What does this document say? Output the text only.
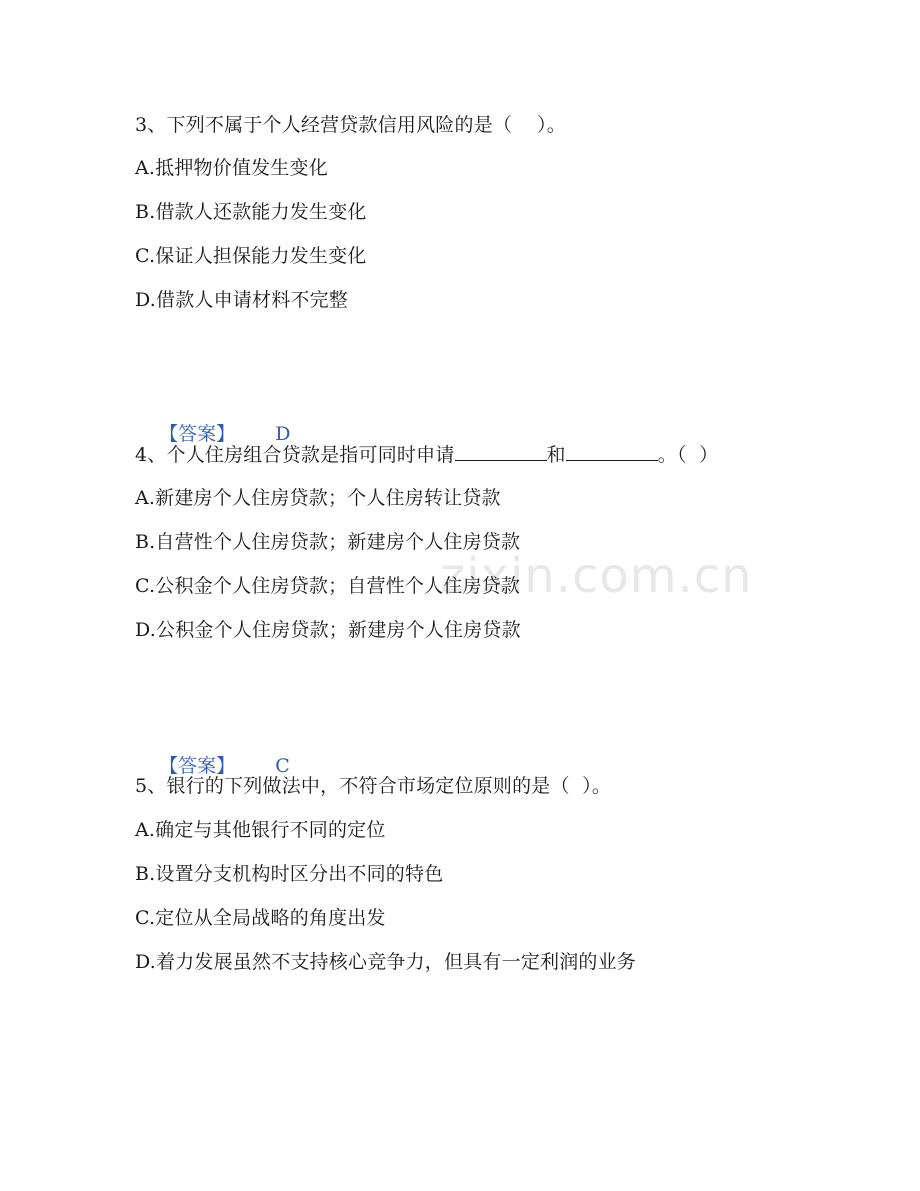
zixin.com.cn
3、下列不属于个人经营贷款信用风险的是（    ）。
A.抵押物价值发生变化
B.借款人还款能力发生变化
C.保证人担保能力发生变化
D.借款人申请材料不完整

【答案】 D

4、个人住房组合贷款是指可同时申请	和	。（  ）
A.新建房个人住房贷款；个人住房转让贷款
B.自营性个人住房贷款；新建房个人住房贷款
C.公积金个人住房贷款；自营性个人住房贷款
D.公积金个人住房贷款；新建房个人住房贷款

【答案】 C

5、银行的下列做法中，不符合市场定位原则的是（  ）。
A.确定与其他银行不同的定位
B.设置分支机构时区分出不同的特色
C.定位从全局战略的角度出发
D.着力发展虽然不支持核心竞争力，但具有一定利润的业务
